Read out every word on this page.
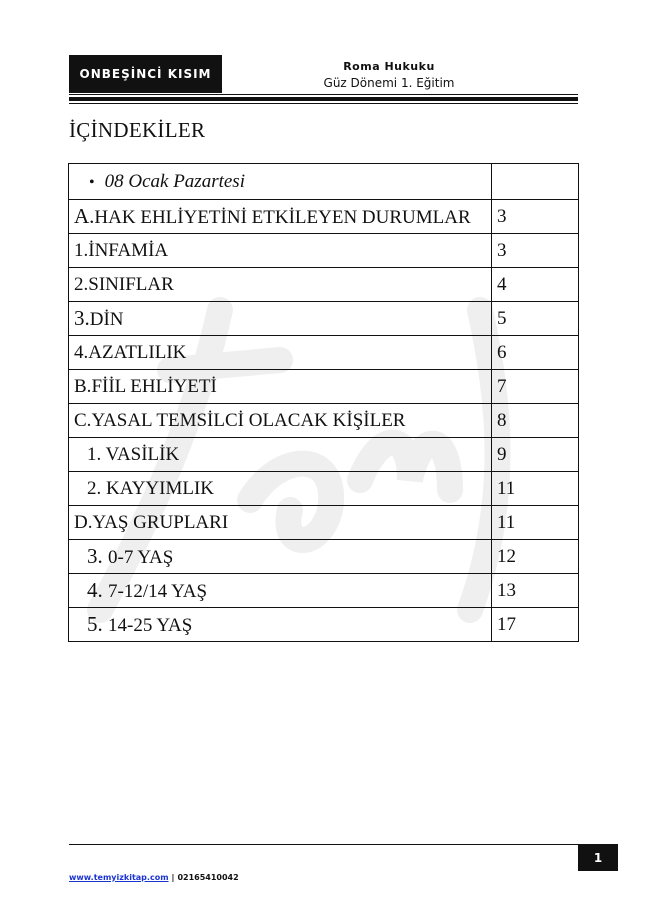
ONBEŞİNCİ KISIM
Roma Hukuku
Güz Dönemi 1. Eğitim
İÇİNDEKİLER
• 08 Ocak Pazartesi	
A.HAK EHLİYETİNİ ETKİLEYEN DURUMLAR	3
1.İNFAMİA	3
2.SINIFLAR	4
3.DİN	5
4.AZATLILIK	6
B.FİİL EHLİYETİ	7
C.YASAL TEMSİLCİ OLACAK KİŞİLER	8
1. VASİLİK	9
2. KAYYIMLIK	11
D.YAŞ GRUPLARI	11
3. 0-7 YAŞ	12
4. 7-12/14 YAŞ	13
5. 14-25 YAŞ	17
1
www.temyizkitap.com | 02165410042
